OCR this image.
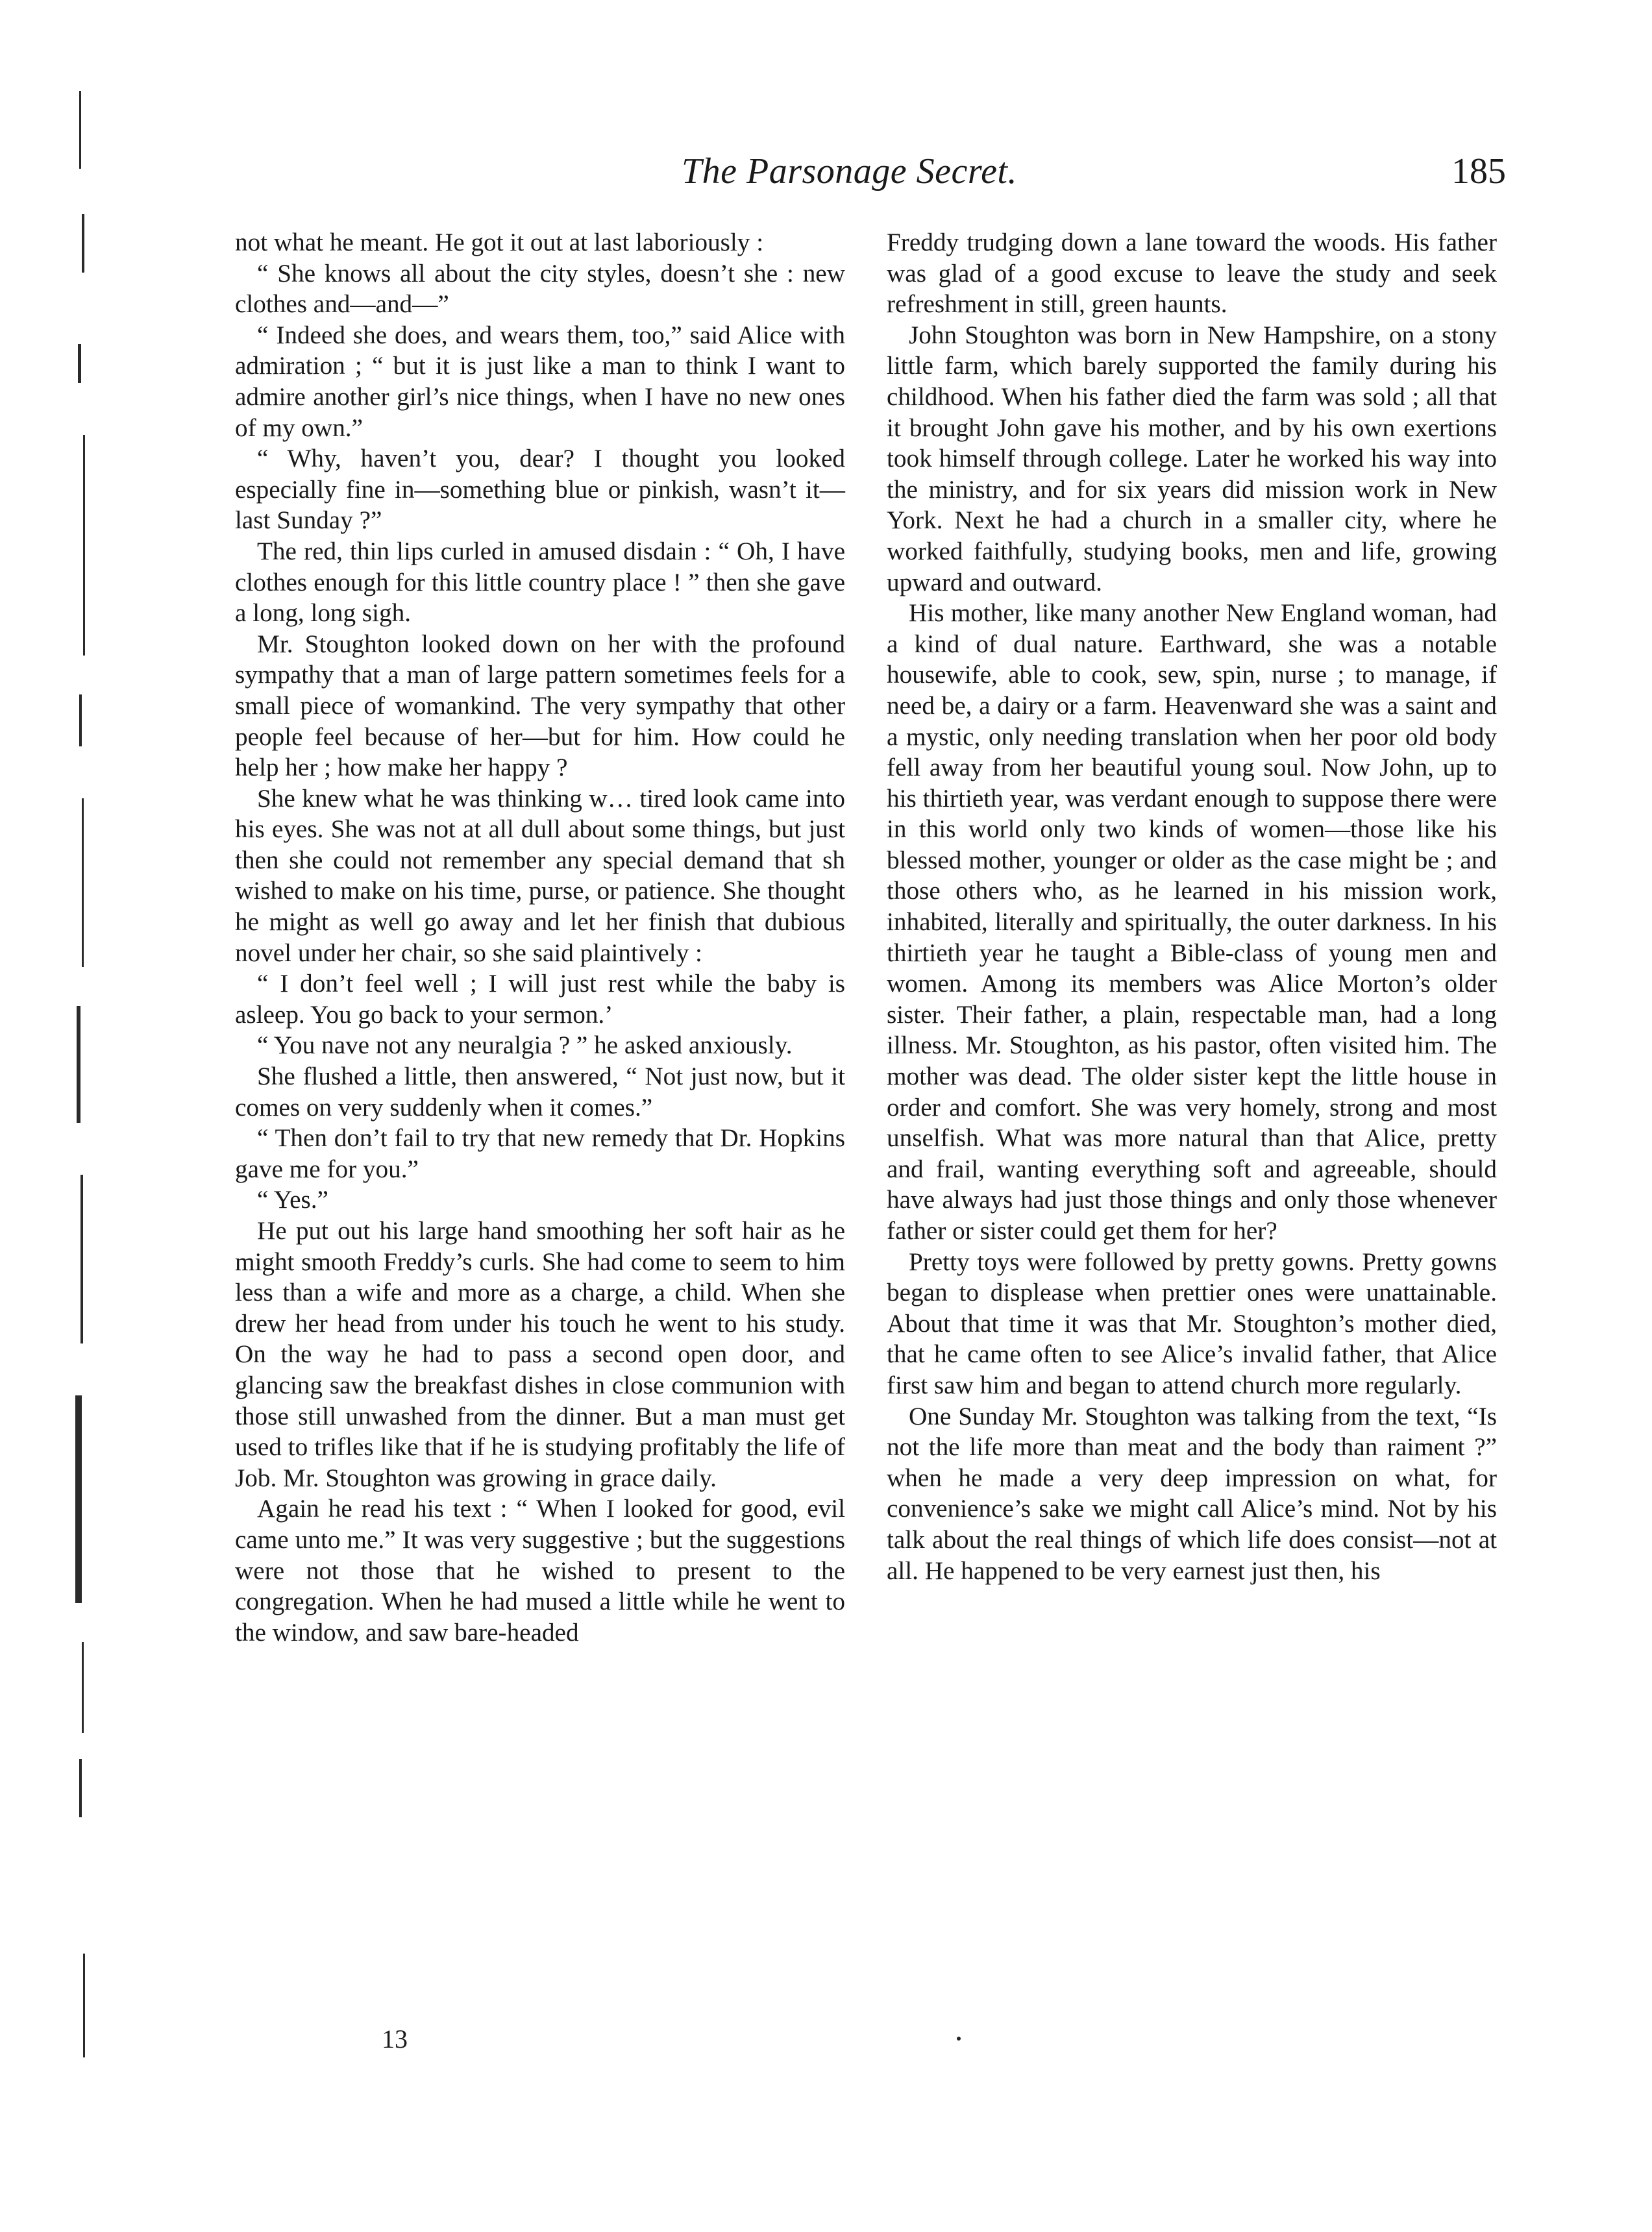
The Parsonage Secret.	185

not what he meant. He got it out at last laboriously :

“ She knows all about the city styles, doesn’t she : new clothes and—and—”

“ Indeed she does, and wears them, too,” said Alice with admiration ; “ but it is just like a man to think I want to admire another girl’s nice things, when I have no new ones of my own.”

“ Why, haven’t you, dear? I thought you looked especially fine in—something blue or pinkish, wasn’t it—last Sunday ?”

The red, thin lips curled in amused disdain : “ Oh, I have clothes enough for this little country place ! ” then she gave a long, long sigh.

Mr. Stoughton looked down on her with the profound sympathy that a man of large pattern sometimes feels for a small piece of womankind. The very sympathy that other people feel because of her—but for him. How could he help her ; how make her happy ?

She knew what he was thinking w… tired look came into his eyes. She was not at all dull about some things, but just then she could not remember any special demand that sh wished to make on his time, purse, or patience. She thought he might as well go away and let her finish that dubious novel under her chair, so she said plaintively :

“ I don’t feel well ; I will just rest while the baby is asleep. You go back to your sermon.’

“ You nave not any neuralgia ? ” he asked anxiously.

She flushed a little, then answered, “ Not just now, but it comes on very suddenly when it comes.”

“ Then don’t fail to try that new remedy that Dr. Hopkins gave me for you.”

“ Yes.”

He put out his large hand smoothing her soft hair as he might smooth Freddy’s curls. She had come to seem to him less than a wife and more as a charge, a child. When she drew her head from under his touch he went to his study. On the way he had to pass a second open door, and glancing saw the breakfast dishes in close communion with those still unwashed from the dinner. But a man must get used to trifles like that if he is studying profitably the life of Job. Mr. Stoughton was growing in grace daily.

Again he read his text : “ When I looked for good, evil came unto me.” It was very suggestive ; but the suggestions were not those that he wished to present to the congregation. When he had mused a little while he went to the window, and saw bare-headed

Freddy trudging down a lane toward the woods. His father was glad of a good excuse to leave the study and seek refreshment in still, green haunts.

John Stoughton was born in New Hampshire, on a stony little farm, which barely supported the family during his childhood. When his father died the farm was sold ; all that it brought John gave his mother, and by his own exertions took himself through college. Later he worked his way into the ministry, and for six years did mission work in New York. Next he had a church in a smaller city, where he worked faithfully, studying books, men and life, growing upward and outward.

His mother, like many another New England woman, had a kind of dual nature. Earthward, she was a notable housewife, able to cook, sew, spin, nurse ; to manage, if need be, a dairy or a farm. Heavenward she was a saint and a mystic, only needing translation when her poor old body fell away from her beautiful young soul. Now John, up to his thirtieth year, was verdant enough to suppose there were in this world only two kinds of women—those like his blessed mother, younger or older as the case might be ; and those others who, as he learned in his mission work, inhabited, literally and spiritually, the outer darkness. In his thirtieth year he taught a Bible-class of young men and women. Among its members was Alice Morton’s older sister. Their father, a plain, respectable man, had a long illness. Mr. Stoughton, as his pastor, often visited him. The mother was dead. The older sister kept the little house in order and comfort. She was very homely, strong and most unselfish. What was more natural than that Alice, pretty and frail, wanting everything soft and agreeable, should have always had just those things and only those whenever father or sister could get them for her?

Pretty toys were followed by pretty gowns. Pretty gowns began to displease when prettier ones were unattainable. About that time it was that Mr. Stoughton’s mother died, that he came often to see Alice’s invalid father, that Alice first saw him and began to attend church more regularly.

One Sunday Mr. Stoughton was talking from the text, “Is not the life more than meat and the body than raiment ?” when he made a very deep impression on what, for convenience’s sake we might call Alice’s mind. Not by his talk about the real things of which life does consist—not at all. He happened to be very earnest just then, his

13
